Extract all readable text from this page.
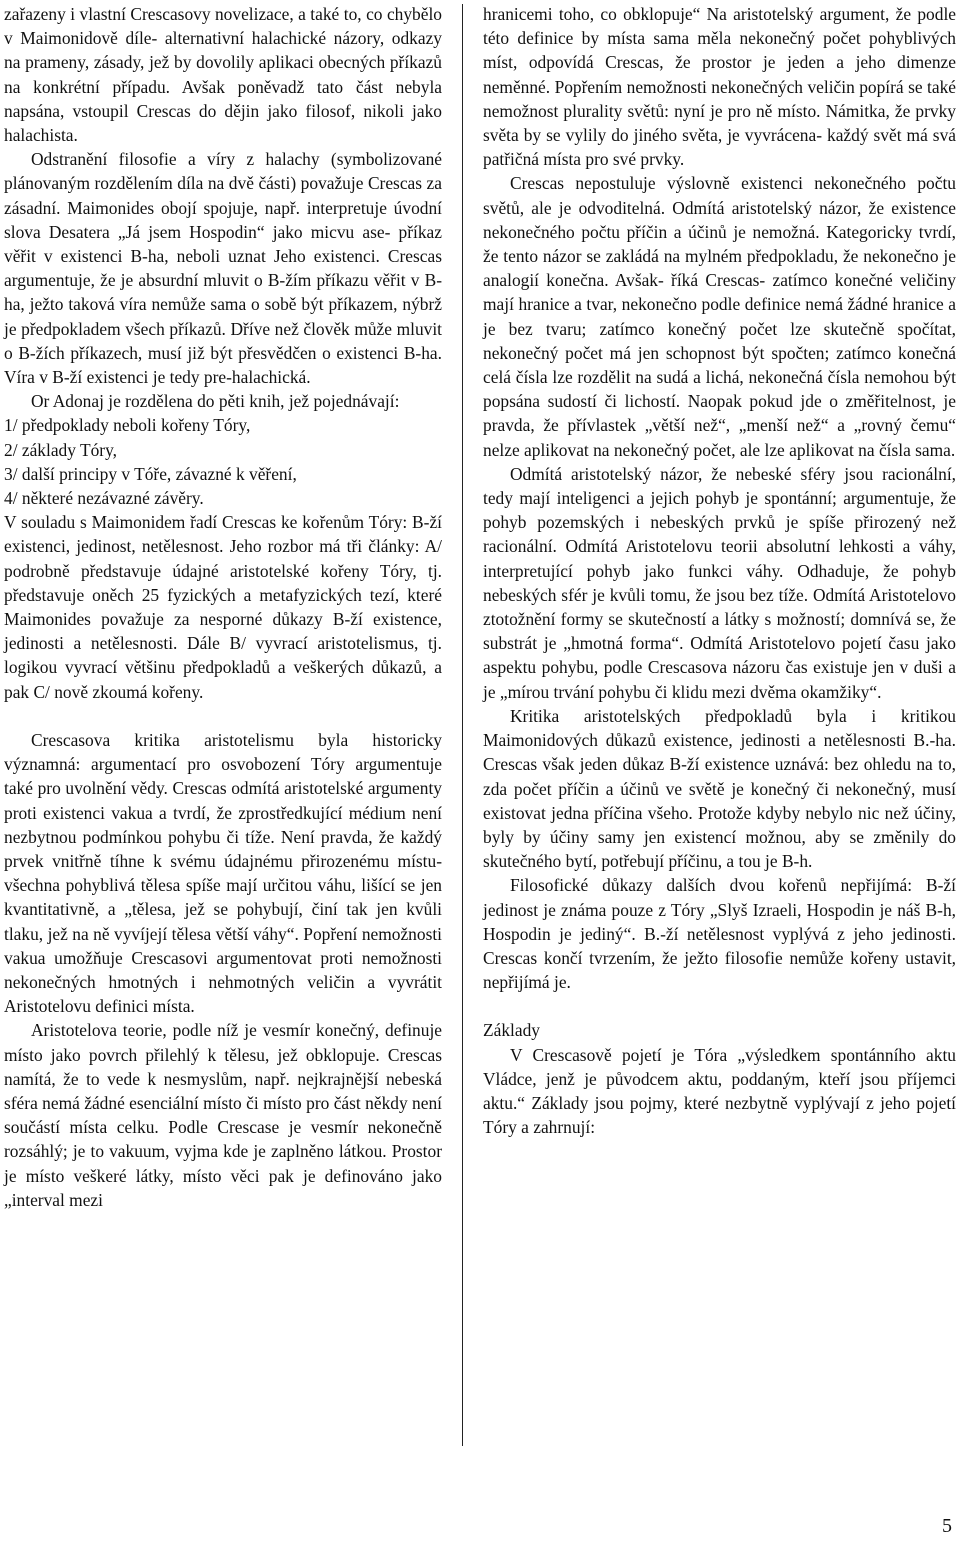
zařazeny i vlastní Crescasovy novelizace, a také to, co chybělo v Maimonidově díle- alternativní halachické názory, odkazy na prameny, zásady, jež by dovolily aplikaci obecných příkazů na konkrétní případu. Avšak poněvadž tato část nebyla napsána, vstoupil Crescas do dějin jako filosof, nikoli jako halachista.

Odstranění filosofie a víry z halachy (symbolizované plánovaným rozdělením díla na dvě části) považuje Crescas za zásadní. Maimonides obojí spojuje, např. interpretuje úvodní slova Desatera „Já jsem Hospodin“ jako micvu ase- příkaz věřit v existenci B-ha, neboli uznat Jeho existenci. Crescas argumentuje, že je absurdní mluvit o B-žím příkazu věřit v B-ha, ježto taková víra nemůže sama o sobě být příkazem, nýbrž je předpokladem všech příkazů. Dříve než člověk může mluvit o B-žích příkazech, musí již být přesvědčen o existenci B-ha. Víra v B-ží existenci je tedy pre-halachická.

Or Adonaj je rozdělena do pěti knih, jež pojednávají:

1/ předpoklady neboli kořeny Tóry,

2/ základy Tóry,

3/ další principy v Tóře, závazné k věření,

4/ některé nezávazné závěry.

V souladu s Maimonidem řadí Crescas ke kořenům Tóry: B-ží existenci, jedinost, netělesnost. Jeho rozbor má tři články: A/ podrobně představuje údajné aristotelské kořeny Tóry, tj. představuje oněch 25 fyzických a metafyzických tezí, které Maimonides považuje za nesporné důkazy B-ží existence, jedinosti a netělesnosti. Dále B/ vyvrací aristotelismus, tj. logikou vyvrací většinu předpokladů a veškerých důkazů, a pak C/ nově zkoumá kořeny.

Crescasova kritika aristotelismu byla historicky významná: argumentací pro osvobození Tóry argumentuje také pro uvolnění vědy. Crescas odmítá aristotelské argumenty proti existenci vakua a tvrdí, že zprostředkující médium není nezbytnou podmínkou pohybu či tíže. Není pravda, že každý prvek vnitřně tíhne k svému údajnému přirozenému místu- všechna pohyblivá tělesa spíše mají určitou váhu, lišící se jen kvantitativně, a „tělesa, jež se pohybují, činí tak jen kvůli tlaku, jež na ně vyvíjejí tělesa větší váhy“. Popření nemožnosti vakua umožňuje Crescasovi argumentovat proti nemožnosti nekonečných hmotných i nehmotných veličin a vyvrátit Aristotelovu definici místa.

Aristotelova teorie, podle níž je vesmír konečný, definuje místo jako povrch přilehlý k tělesu, jež obklopuje. Crescas namítá, že to vede k nesmyslům, např. nejkrajnější nebeská sféra nemá žádné esenciální místo či místo pro část někdy není součástí místa celku. Podle Crescase je vesmír nekonečně rozsáhlý; je to vakuum, vyjma kde je zaplněno látkou. Prostor je místo veškeré látky, místo věci pak je definováno jako „interval mezi

hranicemi toho, co obklopuje“ Na aristotelský argument, že podle této definice by místa sama měla nekonečný počet pohyblivých míst, odpovídá Crescas, že prostor je jeden a jeho dimenze neměnné. Popřením nemožnosti nekonečných veličin popírá se také nemožnost plurality světů: nyní je pro ně místo. Námitka, že prvky světa by se vylily do jiného světa, je vyvrácena- každý svět má svá patřičná místa pro své prvky.

Crescas nepostuluje výslovně existenci nekonečného počtu světů, ale je odvoditelná. Odmítá aristotelský názor, že existence nekonečného počtu příčin a účinů je nemožná. Kategoricky tvrdí, že tento názor se zakládá na mylném předpokladu, že nekonečno je analogií konečna. Avšak- říká Crescas- zatímco konečné veličiny mají hranice a tvar, nekonečno podle definice nemá žádné hranice a je bez tvaru; zatímco konečný počet lze skutečně spočítat, nekonečný počet má jen schopnost být spočten; zatímco konečná celá čísla lze rozdělit na sudá a lichá, nekonečná čísla nemohou být popsána sudostí či lichostí. Naopak pokud jde o změřitelnost, je pravda, že přívlastek „větší než“, „menší než“ a „rovný čemu“ nelze aplikovat na nekonečný počet, ale lze aplikovat na čísla sama.

Odmítá aristotelský názor, že nebeské sféry jsou racionální, tedy mají inteligenci a jejich pohyb je spontánní; argumentuje, že pohyb pozemských i nebeských prvků je spíše přirozený než racionální. Odmítá Aristotelovu teorii absolutní lehkosti a váhy, interpretující pohyb jako funkci váhy. Odhaduje, že pohyb nebeských sfér je kvůli tomu, že jsou bez tíže. Odmítá Aristotelovo ztotožnění formy se skutečností a látky s možností; domnívá se, že substrát je „hmotná forma“. Odmítá Aristotelovo pojetí času jako aspektu pohybu, podle Crescasova názoru čas existuje jen v duši a je „mírou trvání pohybu či klidu mezi dvěma okamžiky“.

Kritika aristotelských předpokladů byla i kritikou Maimonidových důkazů existence, jedinosti a netělesnosti B.-ha. Crescas však jeden důkaz B-ží existence uznává: bez ohledu na to, zda počet příčin a účinů ve světě je konečný či nekonečný, musí existovat jedna příčina všeho. Protože kdyby nebylo nic než účiny, byly by účiny samy jen existencí možnou, aby se změnily do skutečného bytí, potřebují příčinu, a tou je B-h.

Filosofické důkazy dalších dvou kořenů nepřijímá: B-ží jedinost je známa pouze z Tóry „Slyš Izraeli, Hospodin je náš B-h, Hospodin je jediný“. B.-ží netělesnost vyplývá z jeho jedinosti. Crescas končí tvrzením, že ježto filosofie nemůže kořeny ustavit, nepřijímá je.

Základy

V Crescasově pojetí je Tóra „výsledkem spontánního aktu Vládce, jenž je původcem aktu, poddaným, kteří jsou příjemci aktu.“ Základy jsou pojmy, které nezbytně vyplývají z jeho pojetí Tóry a zahrnují:

5
